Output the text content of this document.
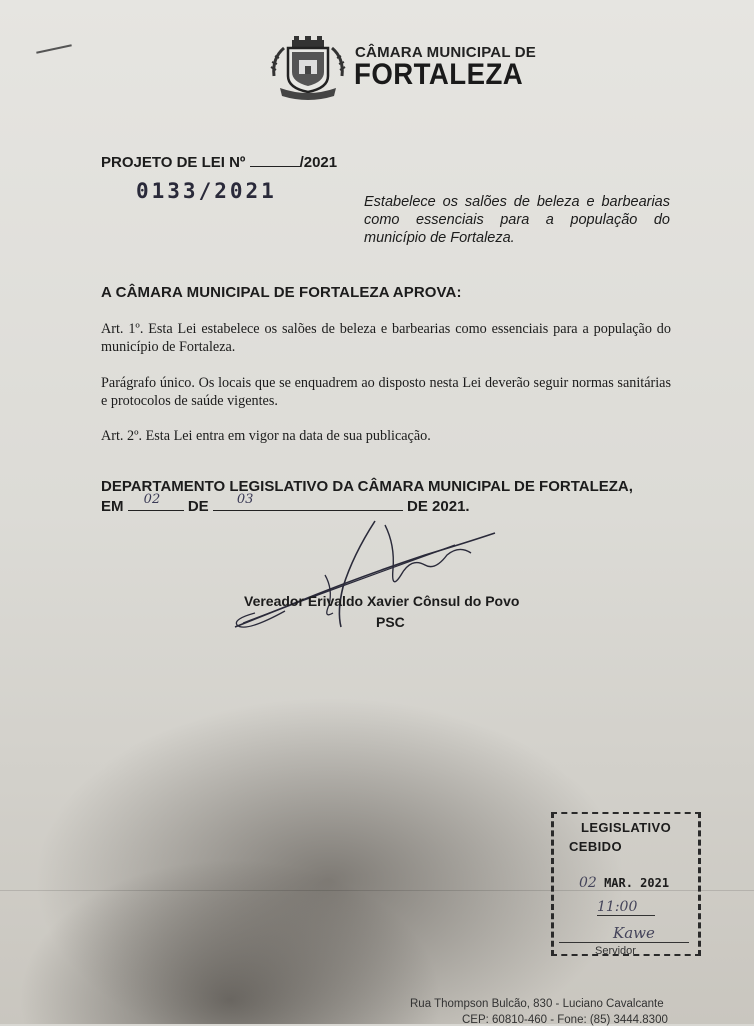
CÂMARA MUNICIPAL DE
FORTALEZA
PROJETO DE LEI Nº	/2021
0133/2021	Estabelece os salões de beleza e barbearias como essenciais para a população do município de Fortaleza.
A CÂMARA MUNICIPAL DE FORTALEZA APROVA:
Art. 1º. Esta Lei estabelece os salões de beleza e barbearias como essenciais para a população do município de Fortaleza.
Parágrafo único. Os locais que se enquadrem ao disposto nesta Lei deverão seguir normas sanitárias e protocolos de saúde vigentes.
Art. 2º. Esta Lei entra em vigor na data de sua publicação.
DEPARTAMENTO LEGISLATIVO DA CÂMARA MUNICIPAL DE FORTALEZA,
EM 02 DE 03	DE 2021.
Vereador Erivaldo Xavier Cônsul do Povo
PSC
LEGISLATIVO
CEBIDO
02 MAR. 2021
11:00
Kawe
Servidor
Rua Thompson Bulcão, 830 - Luciano Cavalcante
CEP: 60810-460 - Fone: (85) 3444.8300
